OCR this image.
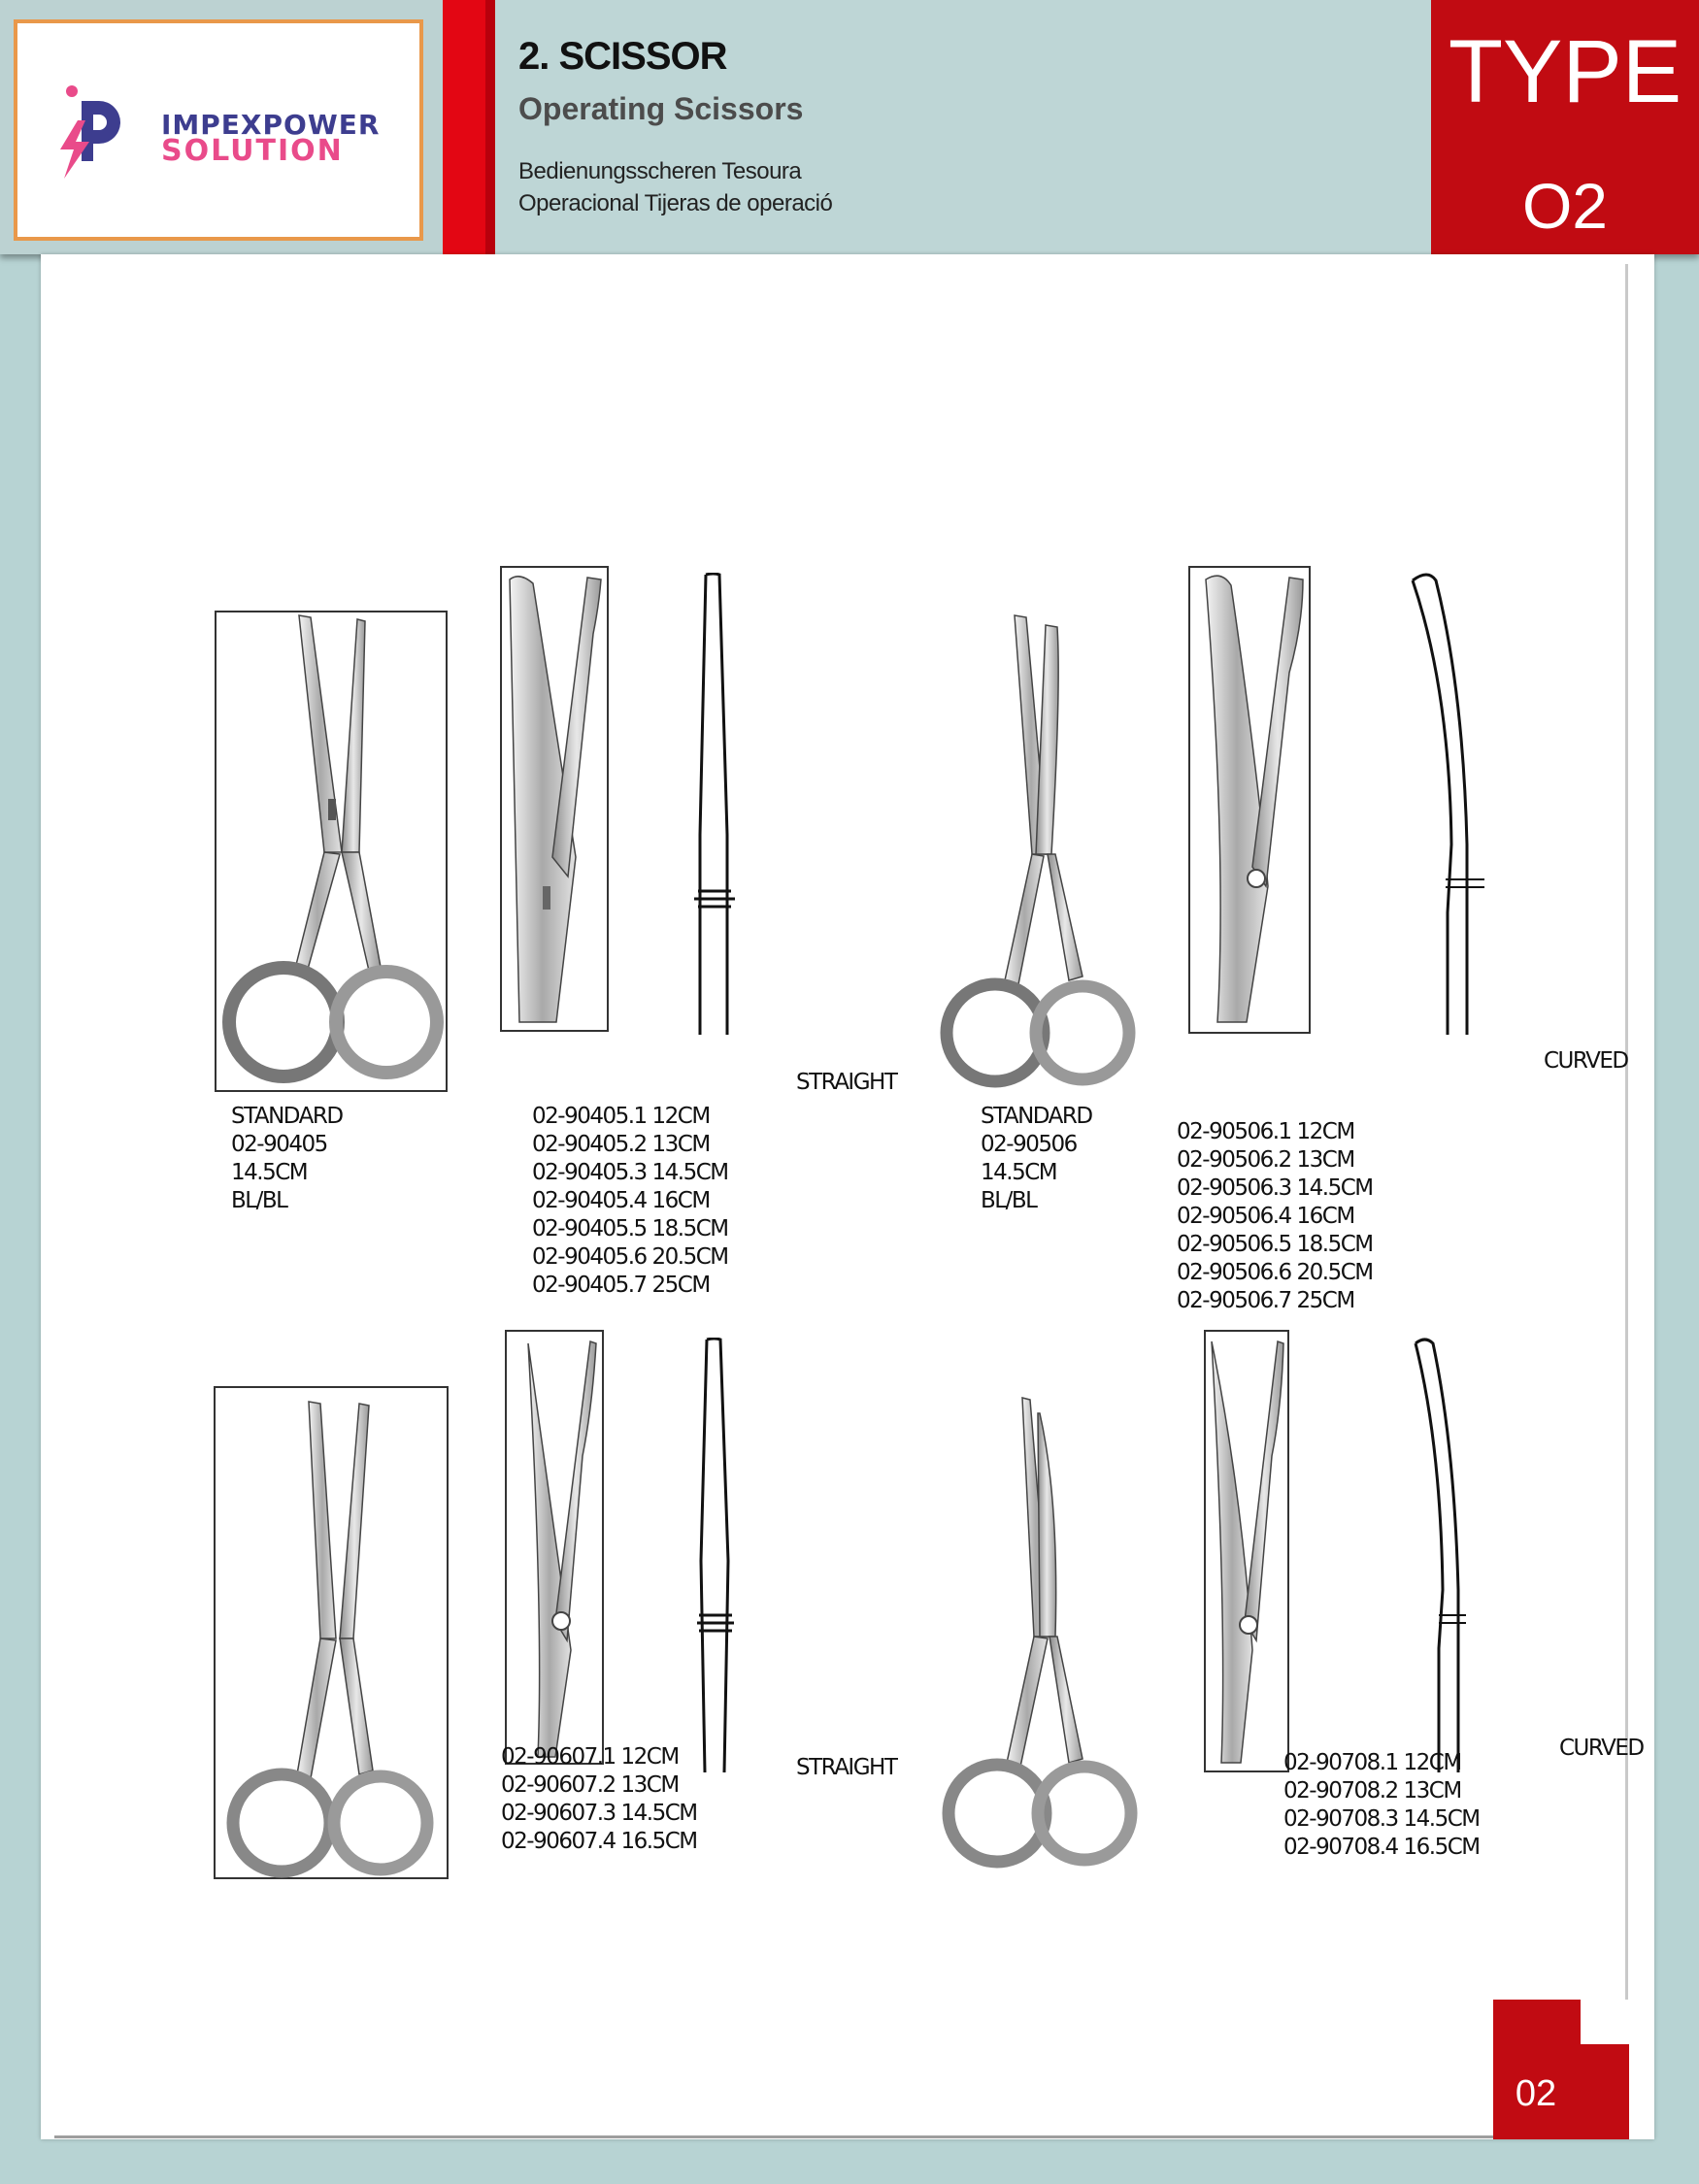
IMPEXPOWER
SOLUTION
2. SCISSOR
Operating Scissors
Bedienungsscheren Tesoura
Operacional Tijeras de operació
TYPE
O2
STRAIGHT
STANDARD
02-90405
14.5CM
BL/BL
02-90405.1 12CM
02-90405.2 13CM
02-90405.3 14.5CM
02-90405.4 16CM
02-90405.5 18.5CM
02-90405.6 20.5CM
02-90405.7 25CM
CURVED
STANDARD
02-90506
14.5CM
BL/BL
02-90506.1 12CM
02-90506.2 13CM
02-90506.3 14.5CM
02-90506.4 16CM
02-90506.5 18.5CM
02-90506.6 20.5CM
02-90506.7 25CM
STRAIGHT
02-90607.1 12CM
02-90607.2 13CM
02-90607.3 14.5CM
02-90607.4 16.5CM
CURVED
02-90708.1 12CM
02-90708.2 13CM
02-90708.3 14.5CM
02-90708.4 16.5CM
02
